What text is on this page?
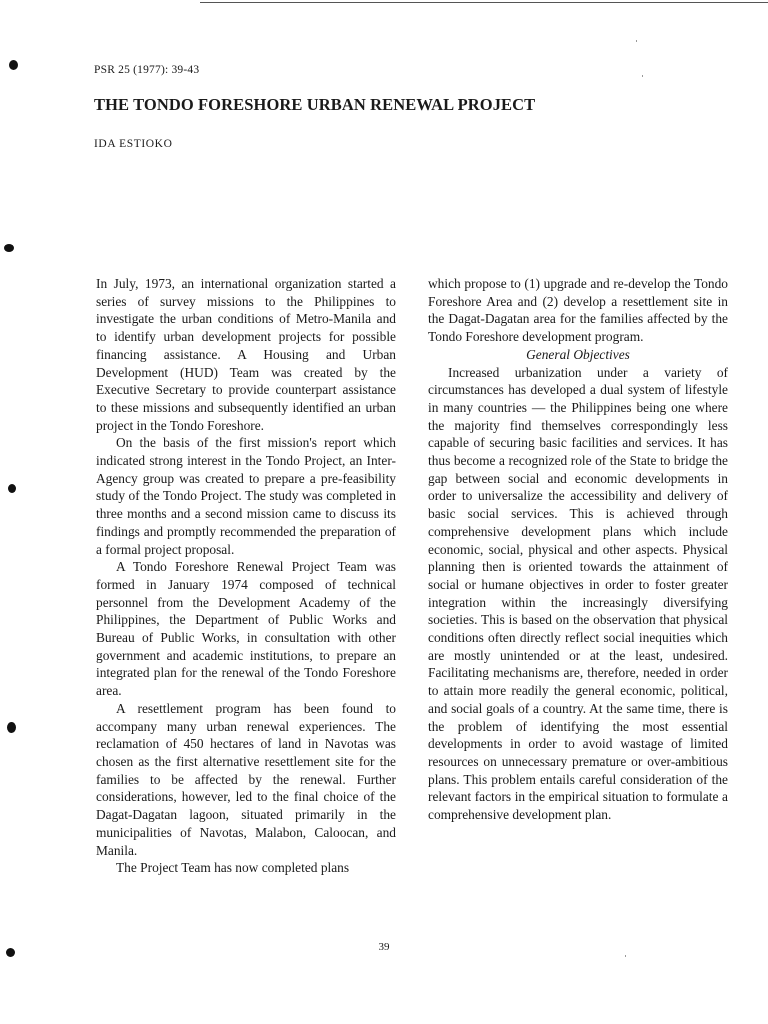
PSR 25 (1977): 39-43
THE TONDO FORESHORE URBAN RENEWAL PROJECT
IDA ESTIOKO

In July, 1973, an international organization started a series of survey missions to the Philippines to investigate the urban conditions of Metro-Manila and to identify urban development projects for possible financing assistance. A Housing and Urban Development (HUD) Team was created by the Executive Secretary to provide counterpart assistance to these missions and subsequently identified an urban project in the Tondo Foreshore.

On the basis of the first mission's report which indicated strong interest in the Tondo Project, an Inter-Agency group was created to prepare a pre-feasibility study of the Tondo Project. The study was completed in three months and a second mission came to discuss its findings and promptly recommended the preparation of a formal project proposal.

A Tondo Foreshore Renewal Project Team was formed in January 1974 composed of technical personnel from the Development Academy of the Philippines, the Department of Public Works and Bureau of Public Works, in consultation with other government and academic institutions, to prepare an integrated plan for the renewal of the Tondo Foreshore area.

A resettlement program has been found to accompany many urban renewal experiences. The reclamation of 450 hectares of land in Navotas was chosen as the first alternative resettlement site for the families to be affected by the renewal. Further considerations, however, led to the final choice of the Dagat-Dagatan lagoon, situated primarily in the municipalities of Navotas, Malabon, Caloocan, and Manila.

The Project Team has now completed plans

which propose to (1) upgrade and re-develop the Tondo Foreshore Area and (2) develop a resettlement site in the Dagat-Dagatan area for the families affected by the Tondo Foreshore development program.

General Objectives

Increased urbanization under a variety of circumstances has developed a dual system of lifestyle in many countries — the Philippines being one where the majority find themselves correspondingly less capable of securing basic facilities and services. It has thus become a recognized role of the State to bridge the gap between social and economic developments in order to universalize the accessibility and delivery of basic social services. This is achieved through comprehensive development plans which include economic, social, physical and other aspects. Physical planning then is oriented towards the attainment of social or humane objectives in order to foster greater integration within the increasingly diversifying societies. This is based on the observation that physical conditions often directly reflect social inequities which are mostly unintended or at the least, undesired. Facilitating mechanisms are, therefore, needed in order to attain more readily the general economic, political, and social goals of a country. At the same time, there is the problem of identifying the most essential developments in order to avoid wastage of limited resources on unnecessary premature or over-ambitious plans. This problem entails careful consideration of the relevant factors in the empirical situation to formulate a comprehensive development plan.

39
